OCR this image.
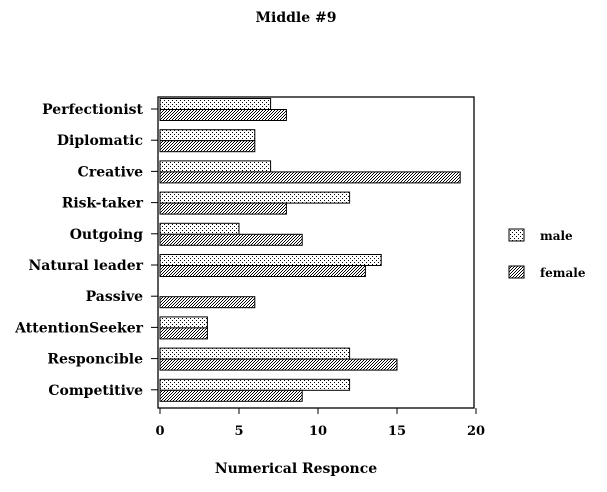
Middle #9
Perfectionist
Diplomatic
Creative
Risk-taker
Outgoing
Natural leader
Passive
AttentionSeeker
Responcible
Competitive
0	5	10	15	20
Numerical Responce
male
female
